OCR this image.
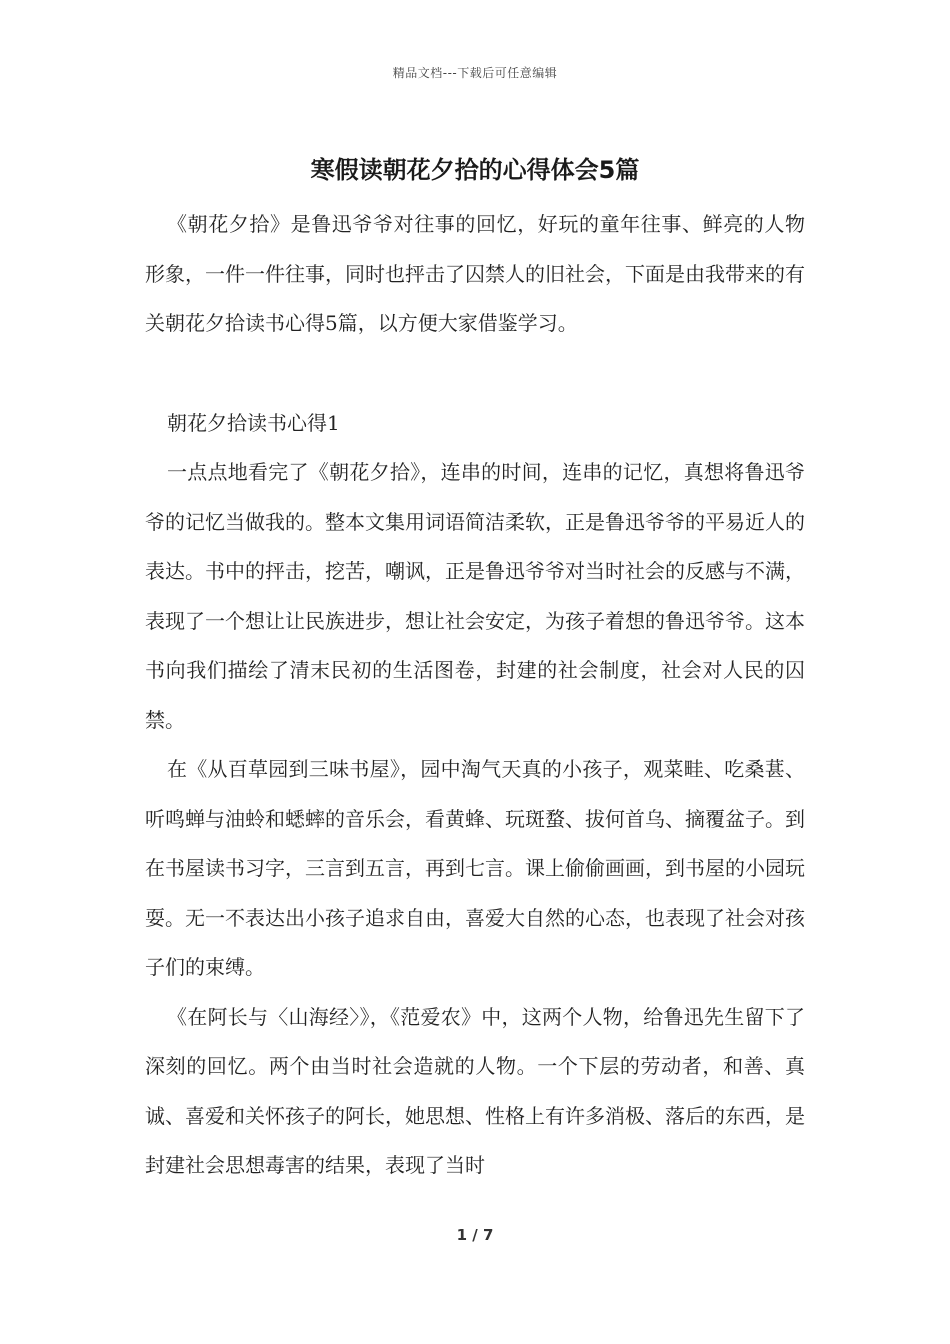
精品文档---下载后可任意编辑
寒假读朝花夕拾的心得体会5篇

《朝花夕拾》是鲁迅爷爷对往事的回忆，好玩的童年往事、鲜亮的人物形象，一件一件往事，同时也抨击了囚禁人的旧社会，下面是由我带来的有关朝花夕拾读书心得5篇，以方便大家借鉴学习。

朝花夕拾读书心得1

一点点地看完了《朝花夕拾》，连串的时间，连串的记忆，真想将鲁迅爷爷的记忆当做我的。整本文集用词语简洁柔软，正是鲁迅爷爷的平易近人的表达。书中的抨击，挖苦，嘲讽，正是鲁迅爷爷对当时社会的反感与不满，表现了一个想让让民族进步，想让社会安定，为孩子着想的鲁迅爷爷。这本书向我们描绘了清末民初的生活图卷，封建的社会制度，社会对人民的囚禁。

在《从百草园到三味书屋》，园中淘气天真的小孩子，观菜畦、吃桑葚、听鸣蝉与油蛉和蟋蟀的音乐会，看黄蜂、玩斑蝥、拔何首乌、摘覆盆子。到在书屋读书习字，三言到五言，再到七言。课上偷偷画画，到书屋的小园玩耍。无一不表达出小孩子追求自由，喜爱大自然的心态，也表现了社会对孩子们的束缚。

《在阿长与〈山海经〉》，《范爱农》中，这两个人物，给鲁迅先生留下了深刻的回忆。两个由当时社会造就的人物。一个下层的劳动者，和善、真诚、喜爱和关怀孩子的阿长，她思想、性格上有许多消极、落后的东西，是封建社会思想毒害的结果，表现了当时

1 / 7
